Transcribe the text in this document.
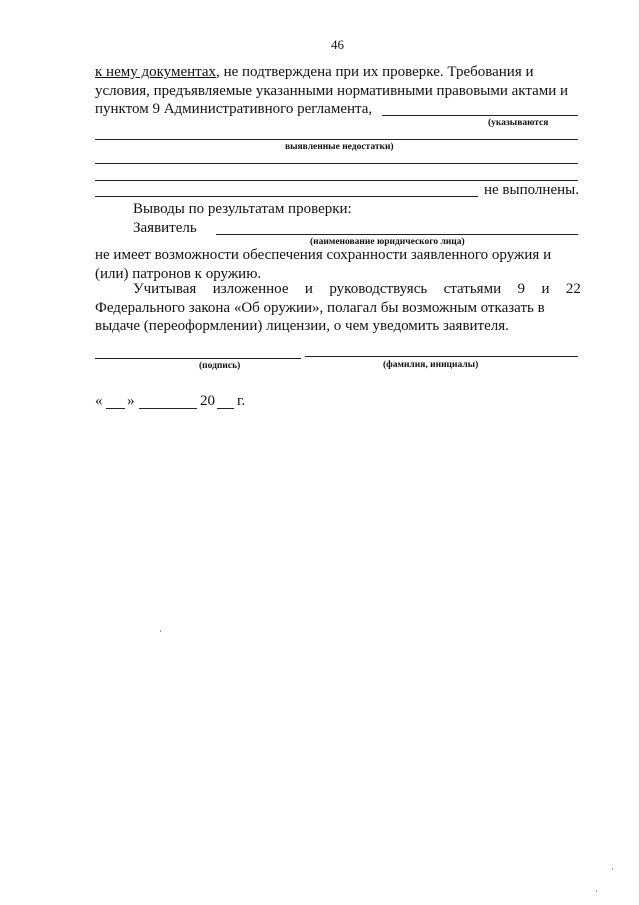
46
к нему документах, не подтверждена при их проверке. Требования и
условия, предъявляемые указанными нормативными правовыми актами и
пунктом 9 Административного регламента,
(указываются
выявленные недостатки)
не выполнены.
Выводы по результатам проверки:
Заявитель
(наименование юридического лица)
не имеет возможности обеспечения сохранности заявленного оружия и
(или) патронов к оружию.
Учитывая изложенное и руководствуясь статьями 9 и 22
Федерального закона «Об оружии», полагал бы возможным отказать в
выдаче (переоформлении) лицензии, о чем уведомить заявителя.
(подпись)	(фамилия, инициалы)
« »	20 г.
